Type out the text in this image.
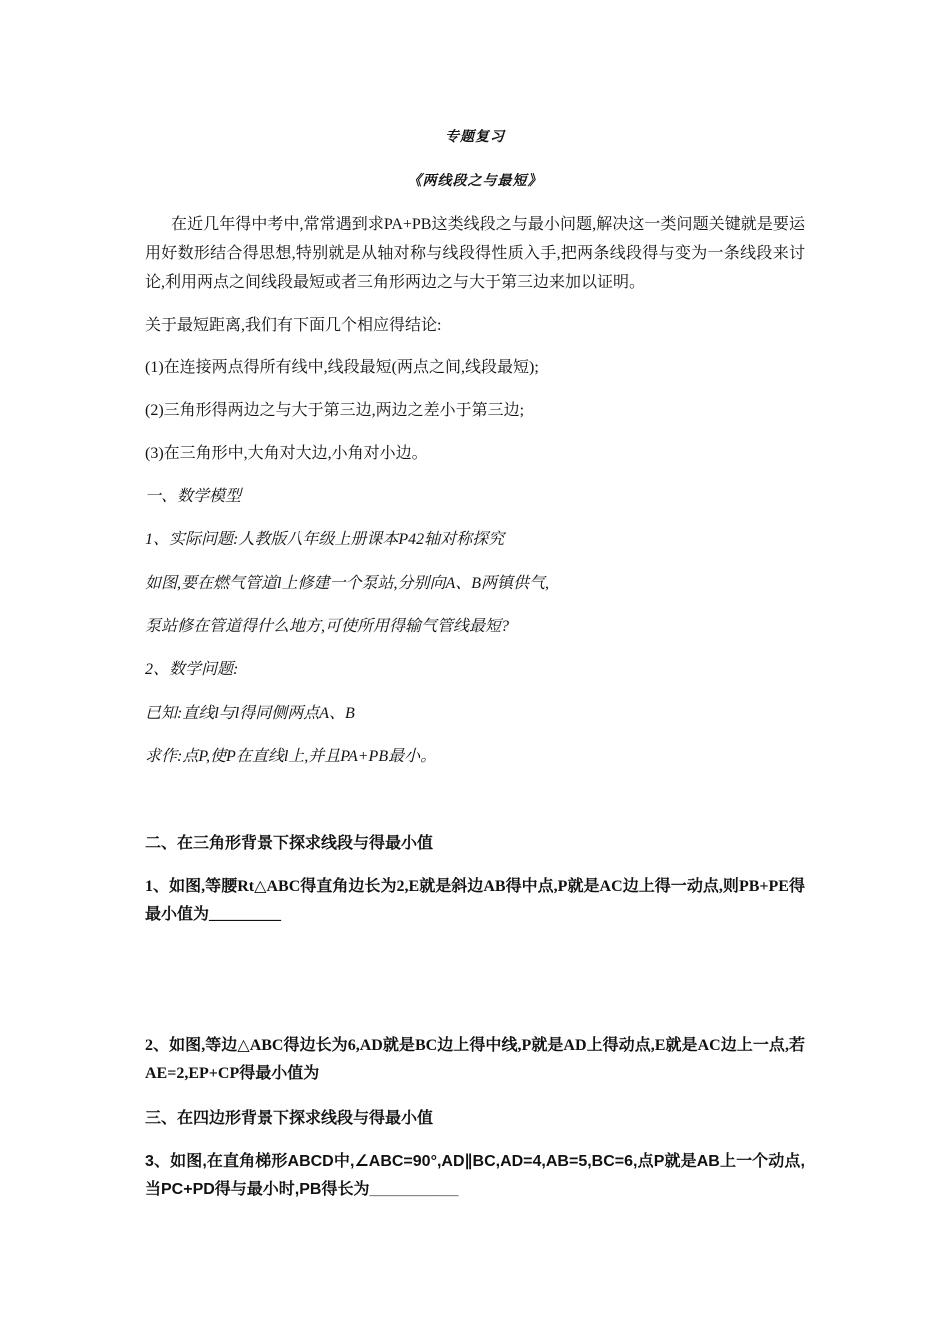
专题复习
《两线段之与最短》
在近几年得中考中,常常遇到求PA+PB这类线段之与最小问题,解决这一类问题关键就是要运用好数形结合得思想,特别就是从轴对称与线段得性质入手,把两条线段得与变为一条线段来讨论,利用两点之间线段最短或者三角形两边之与大于第三边来加以证明。
关于最短距离,我们有下面几个相应得结论:
(1)在连接两点得所有线中,线段最短(两点之间,线段最短);
(2)三角形得两边之与大于第三边,两边之差小于第三边;
(3)在三角形中,大角对大边,小角对小边。
一、数学模型
1、实际问题:人教版八年级上册课本P42轴对称探究
如图,要在燃气管道l上修建一个泵站,分别向A、B两镇供气,
泵站修在管道得什么地方,可使所用得输气管线最短?
2、数学问题:
已知:直线l与l得同侧两点A、B
求作:点P,使P在直线l上,并且PA+PB最小。
二、在三角形背景下探求线段与得最小值
1、如图,等腰Rt△ABC得直角边长为2,E就是斜边AB得中点,P就是AC边上得一动点,则PB+PE得最小值为_________
2、如图,等边△ABC得边长为6,AD就是BC边上得中线,P就是AD上得动点,E就是AC边上一点,若AE=2,EP+CP得最小值为
三、在四边形背景下探求线段与得最小值
3、如图,在直角梯形ABCD中,∠ABC=90°,AD∥BC,AD=4,AB=5,BC=6,点P就是AB上一个动点,当PC+PD得与最小时,PB得长为__________
